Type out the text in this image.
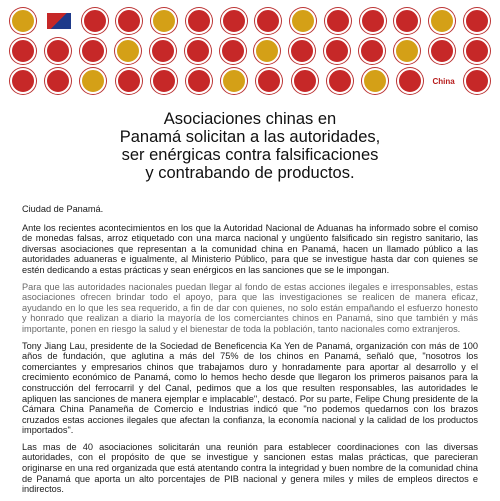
China
Asociaciones chinas en
Panamá solicitan a las autoridades,
ser enérgicas contra falsificaciones
y contrabando de productos.

Ciudad de Panamá.

Ante los recientes acontecimientos en los que la Autoridad Nacional de Aduanas ha informado sobre el comiso de monedas falsas, arroz etiquetado con una marca nacional y ungüento falsificado sin registro sanitario, las diversas asociaciones que representan a la comunidad china en Panamá, hacen un llamado público a las autoridades aduaneras e igualmente, al Ministerio Público, para que se investigue hasta dar con quienes se estén dedicando a estas prácticas y sean enérgicos en las sanciones que se le impongan.

Para que las autoridades nacionales puedan llegar al fondo de estas acciones ilegales e irresponsables, estas asociaciones ofrecen brindar todo el apoyo, para que las investigaciones se realicen de manera eficaz, ayudando en lo que les sea requerido, a fin de dar con quienes, no solo están empañando el esfuerzo honesto y honrado que realizan a diario la mayoría de los comerciantes chinos en Panamá, sino que también y más importante, ponen en riesgo la salud y el bienestar de toda la población, tanto nacionales como extranjeros.

Tony Jiang Lau, presidente de la Sociedad de Beneficencia Ka Yen de Panamá, organización con más de 100 años de fundación, que aglutina a más del 75% de los chinos en Panamá, señaló que, "nosotros los comerciantes y empresarios chinos que trabajamos duro y honradamente para aportar al desarrollo y el crecimiento económico de Panamá, como lo hemos hecho desde que llegaron los primeros paisanos para la construcción del ferrocarril y del Canal, pedimos que a los que resulten responsables, las autoridades le apliquen las sanciones de manera ejemplar e implacable", destacó. Por su parte, Felipe Chung presidente de la Cámara China Panameña de Comercio e Industrias indicó que "no podemos quedarnos con los brazos cruzados estas acciones ilegales que afectan la confianza, la economía nacional y la calidad de los productos importados".

Las mas de 40 asociaciones solicitarán una reunión para establecer coordinaciones con las diversas autoridades, con el propósito de que se investigue y sancionen estas malas prácticas, que parecieran originarse en una red organizada que está atentando contra la integridad y buen nombre de la comunidad china de Panamá que aporta un alto porcentajes de PIB nacional y genera miles y miles de empleos directos e indirectos.
